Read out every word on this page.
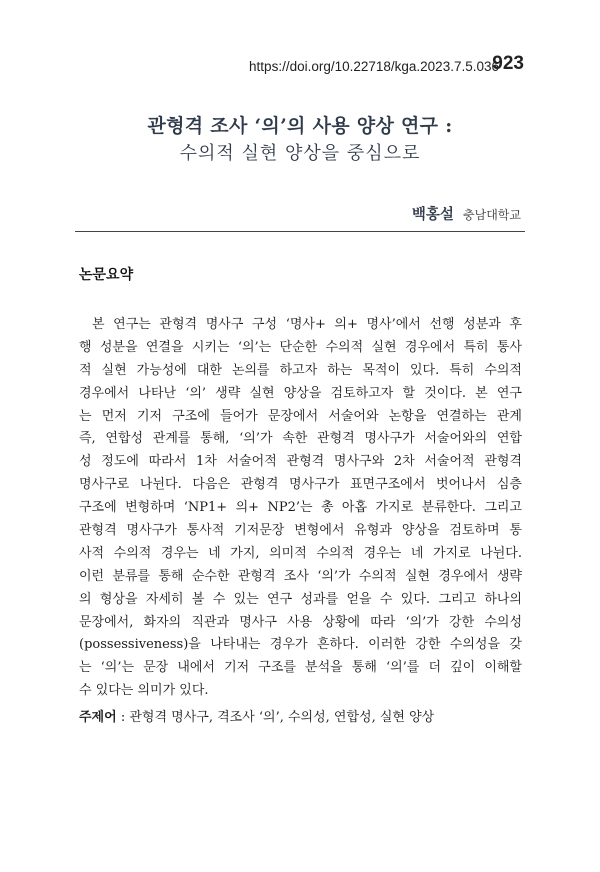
https://doi.org/10.22718/kga.2023.7.5.036
923
관형격 조사 ‘의’의 사용 양상 연구 :
수의적 실현 양상을 중심으로
백홍설 충남대학교
논문요약
본 연구는 관형격 명사구 구성 ‘명사+ 의+ 명사’에서 선행 성분과 후
행 성분을 연결을 시키는 ‘의’는 단순한 수의적 실현 경우에서 특히 통사
적 실현 가능성에 대한 논의를 하고자 하는 목적이 있다. 특히 수의적
경우에서 나타난 ‘의’ 생략 실현 양상을 검토하고자 할 것이다. 본 연구
는 먼저 기저 구조에 들어가 문장에서 서술어와 논항을 연결하는 관계
즉, 연합성 관계를 통해, ‘의’가 속한 관형격 명사구가 서술어와의 연합
성 정도에 따라서 1차 서술어적 관형격 명사구와 2차 서술어적 관형격
명사구로 나뉜다. 다음은 관형격 명사구가 표면구조에서 벗어나서 심층
구조에 변형하며 ‘NP1+ 의+ NP2’는 총 아홉 가지로 분류한다. 그리고
관형격 명사구가 통사적 기저문장 변형에서 유형과 양상을 검토하며 통
사적 수의적 경우는 네 가지, 의미적 수의적 경우는 네 가지로 나뉜다.
이런 분류를 통해 순수한 관형격 조사 ‘의’가 수의적 실현 경우에서 생략
의 형상을 자세히 볼 수 있는 연구 성과를 얻을 수 있다. 그리고 하나의
문장에서, 화자의 직관과 명사구 사용 상황에 따라 ‘의’가 강한 수의성
(possessiveness)을 나타내는 경우가 흔하다. 이러한 강한 수의성을 갖
는 ‘의’는 문장 내에서 기저 구조를 분석을 통해 ‘의’를 더 깊이 이해할
수 있다는 의미가 있다.
주제어 : 관형격 명사구, 격조사 ‘의’, 수의성, 연합성, 실현 양상
